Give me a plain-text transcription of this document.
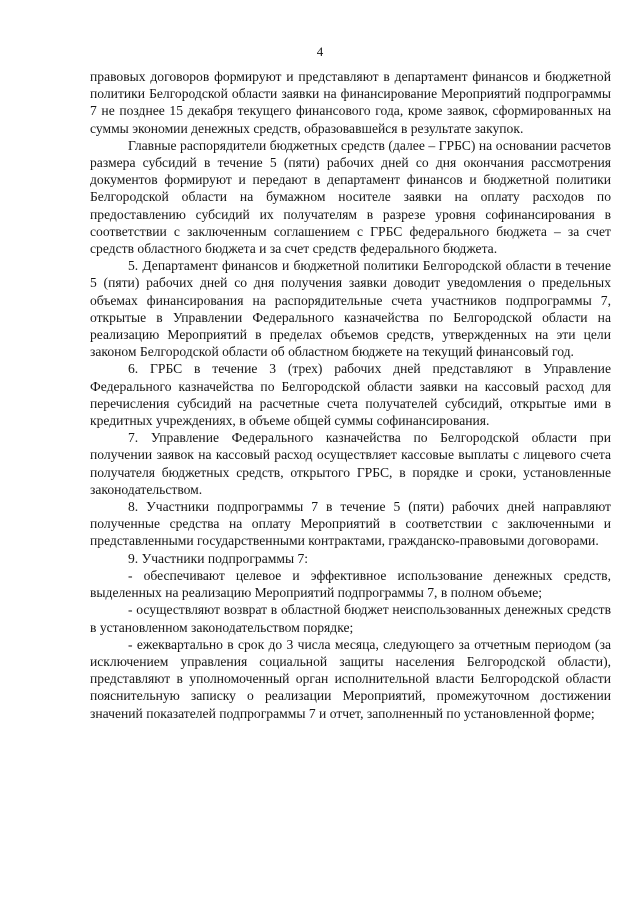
4

правовых договоров формируют и представляют в департамент финансов и бюджетной политики Белгородской области заявки на финансирование Мероприятий подпрограммы 7 не позднее 15 декабря текущего финансового года, кроме заявок, сформированных на суммы экономии денежных средств, образовавшейся в результате закупок.

Главные распорядители бюджетных средств (далее – ГРБС) на основании расчетов размера субсидий в течение 5 (пяти) рабочих дней со дня окончания рассмотрения документов формируют и передают в департамент финансов и бюджетной политики Белгородской области на бумажном носителе заявки на оплату расходов по предоставлению субсидий их получателям в разрезе уровня софинансирования в соответствии с заключенным соглашением с ГРБС федерального бюджета – за счет средств областного бюджета и за счет средств федерального бюджета.

5. Департамент финансов и бюджетной политики Белгородской области в течение 5 (пяти) рабочих дней со дня получения заявки доводит уведомления о предельных объемах финансирования на распорядительные счета участников подпрограммы 7, открытые в Управлении Федерального казначейства по Белгородской области на реализацию Мероприятий в пределах объемов средств, утвержденных на эти цели законом Белгородской области об областном бюджете на текущий финансовый год.

6. ГРБС в течение 3 (трех) рабочих дней представляют в Управление Федерального казначейства по Белгородской области заявки на кассовый расход для перечисления субсидий на расчетные счета получателей субсидий, открытые ими в кредитных учреждениях, в объеме общей суммы софинансирования.

7. Управление Федерального казначейства по Белгородской области при получении заявок на кассовый расход осуществляет кассовые выплаты с лицевого счета получателя бюджетных средств, открытого ГРБС, в порядке и сроки, установленные законодательством.

8. Участники подпрограммы 7 в течение 5 (пяти) рабочих дней направляют полученные средства на оплату Мероприятий в соответствии с заключенными и представленными государственными контрактами, гражданско-правовыми договорами.

9. Участники подпрограммы 7:

- обеспечивают целевое и эффективное использование денежных средств, выделенных на реализацию Мероприятий подпрограммы 7, в полном объеме;

- осуществляют возврат в областной бюджет неиспользованных денежных средств в установленном законодательством порядке;

- ежеквартально в срок до 3 числа месяца, следующего за отчетным периодом (за исключением управления социальной защиты населения Белгородской области), представляют в уполномоченный орган исполнительной власти Белгородской области пояснительную записку о реализации Мероприятий, промежуточном достижении значений показателей подпрограммы 7 и отчет, заполненный по установленной форме;
